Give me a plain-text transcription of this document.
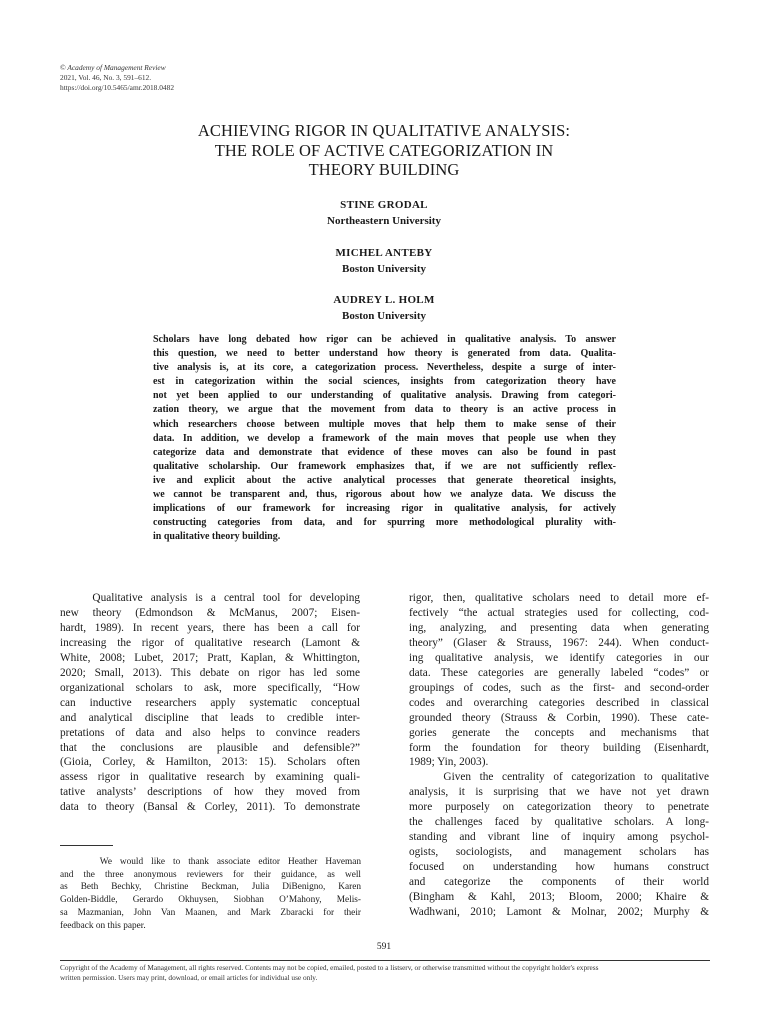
© Academy of Management Review
2021, Vol. 46, No. 3, 591–612.
https://doi.org/10.5465/amr.2018.0482
ACHIEVING RIGOR IN QUALITATIVE ANALYSIS:
THE ROLE OF ACTIVE CATEGORIZATION IN
THEORY BUILDING
STINE GRODAL
Northeastern University
MICHEL ANTEBY
Boston University
AUDREY L. HOLM
Boston University
Scholars have long debated how rigor can be achieved in qualitative analysis. To answer
this question, we need to better understand how theory is generated from data. Qualita-
tive analysis is, at its core, a categorization process. Nevertheless, despite a surge of inter-
est in categorization within the social sciences, insights from categorization theory have
not yet been applied to our understanding of qualitative analysis. Drawing from categori-
zation theory, we argue that the movement from data to theory is an active process in
which researchers choose between multiple moves that help them to make sense of their
data. In addition, we develop a framework of the main moves that people use when they
categorize data and demonstrate that evidence of these moves can also be found in past
qualitative scholarship. Our framework emphasizes that, if we are not sufficiently reflex-
ive and explicit about the active analytical processes that generate theoretical insights,
we cannot be transparent and, thus, rigorous about how we analyze data. We discuss the
implications of our framework for increasing rigor in qualitative analysis, for actively
constructing categories from data, and for spurring more methodological plurality with-
in qualitative theory building.
Qualitative analysis is a central tool for developing
new theory (Edmondson & McManus, 2007; Eisen-
hardt, 1989). In recent years, there has been a call for
increasing the rigor of qualitative research (Lamont &
White, 2008; Lubet, 2017; Pratt, Kaplan, & Whittington,
2020; Small, 2013). This debate on rigor has led some
organizational scholars to ask, more specifically, “How
can inductive researchers apply systematic conceptual
and analytical discipline that leads to credible inter-
pretations of data and also helps to convince readers
that the conclusions are plausible and defensible?”
(Gioia, Corley, & Hamilton, 2013: 15). Scholars often
assess rigor in qualitative research by examining quali-
tative analysts’ descriptions of how they moved from
data to theory (Bansal & Corley, 2011). To demonstrate
rigor, then, qualitative scholars need to detail more ef-
fectively “the actual strategies used for collecting, cod-
ing, analyzing, and presenting data when generating
theory” (Glaser & Strauss, 1967: 244). When conduct-
ing qualitative analysis, we identify categories in our
data. These categories are generally labeled “codes” or
groupings of codes, such as the first- and second-order
codes and overarching categories described in classical
grounded theory (Strauss & Corbin, 1990). These cate-
gories generate the concepts and mechanisms that
form the foundation for theory building (Eisenhardt,
1989; Yin, 2003).
Given the centrality of categorization to qualitative
analysis, it is surprising that we have not yet drawn
more purposely on categorization theory to penetrate
the challenges faced by qualitative scholars. A long-
standing and vibrant line of inquiry among psychol-
ogists, sociologists, and management scholars has
focused on understanding how humans construct
and categorize the components of their world
(Bingham & Kahl, 2013; Bloom, 2000; Khaire &
Wadhwani, 2010; Lamont & Molnar, 2002; Murphy &
We would like to thank associate editor Heather Haveman
and the three anonymous reviewers for their guidance, as well
as Beth Bechky, Christine Beckman, Julia DiBenigno, Karen
Golden-Biddle, Gerardo Okhuysen, Siobhan O’Mahony, Melis-
sa Mazmanian, John Van Maanen, and Mark Zbaracki for their
feedback on this paper.
591
Copyright of the Academy of Management, all rights reserved. Contents may not be copied, emailed, posted to a listserv, or otherwise transmitted without the copyright holder's express
written permission. Users may print, download, or email articles for individual use only.
